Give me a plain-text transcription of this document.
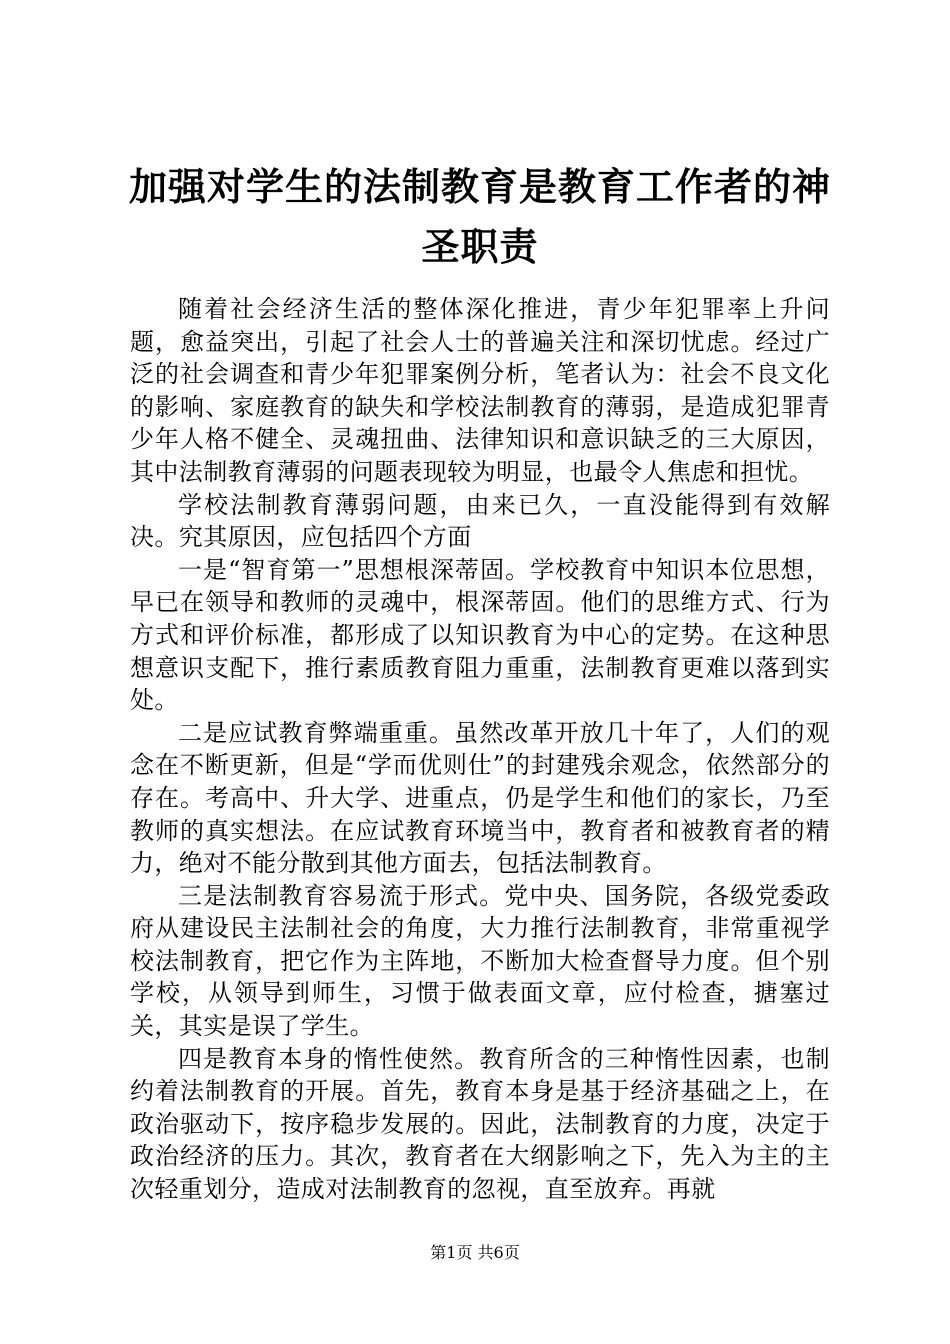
加强对学生的法制教育是教育工作者的神圣职责

随着社会经济生活的整体深化推进，青少年犯罪率上升问题，愈益突出，引起了社会人士的普遍关注和深切忧虑。经过广泛的社会调查和青少年犯罪案例分析，笔者认为：社会不良文化的影响、家庭教育的缺失和学校法制教育的薄弱，是造成犯罪青少年人格不健全、灵魂扭曲、法律知识和意识缺乏的三大原因，其中法制教育薄弱的问题表现较为明显，也最令人焦虑和担忧。

学校法制教育薄弱问题，由来已久，一直没能得到有效解决。究其原因，应包括四个方面

一是“智育第一”思想根深蒂固。学校教育中知识本位思想，早已在领导和教师的灵魂中，根深蒂固。他们的思维方式、行为方式和评价标准，都形成了以知识教育为中心的定势。在这种思想意识支配下，推行素质教育阻力重重，法制教育更难以落到实处。

二是应试教育弊端重重。虽然改革开放几十年了，人们的观念在不断更新，但是“学而优则仕”的封建残余观念，依然部分的存在。考高中、升大学、进重点，仍是学生和他们的家长，乃至教师的真实想法。在应试教育环境当中，教育者和被教育者的精力，绝对不能分散到其他方面去，包括法制教育。

三是法制教育容易流于形式。党中央、国务院，各级党委政府从建设民主法制社会的角度，大力推行法制教育，非常重视学校法制教育，把它作为主阵地，不断加大检查督导力度。但个别学校，从领导到师生，习惯于做表面文章，应付检查，搪塞过关，其实是误了学生。

四是教育本身的惰性使然。教育所含的三种惰性因素，也制约着法制教育的开展。首先，教育本身是基于经济基础之上，在政治驱动下，按序稳步发展的。因此，法制教育的力度，决定于政治经济的压力。其次，教育者在大纲影响之下，先入为主的主次轻重划分，造成对法制教育的忽视，直至放弃。再就

第1页 共6页
